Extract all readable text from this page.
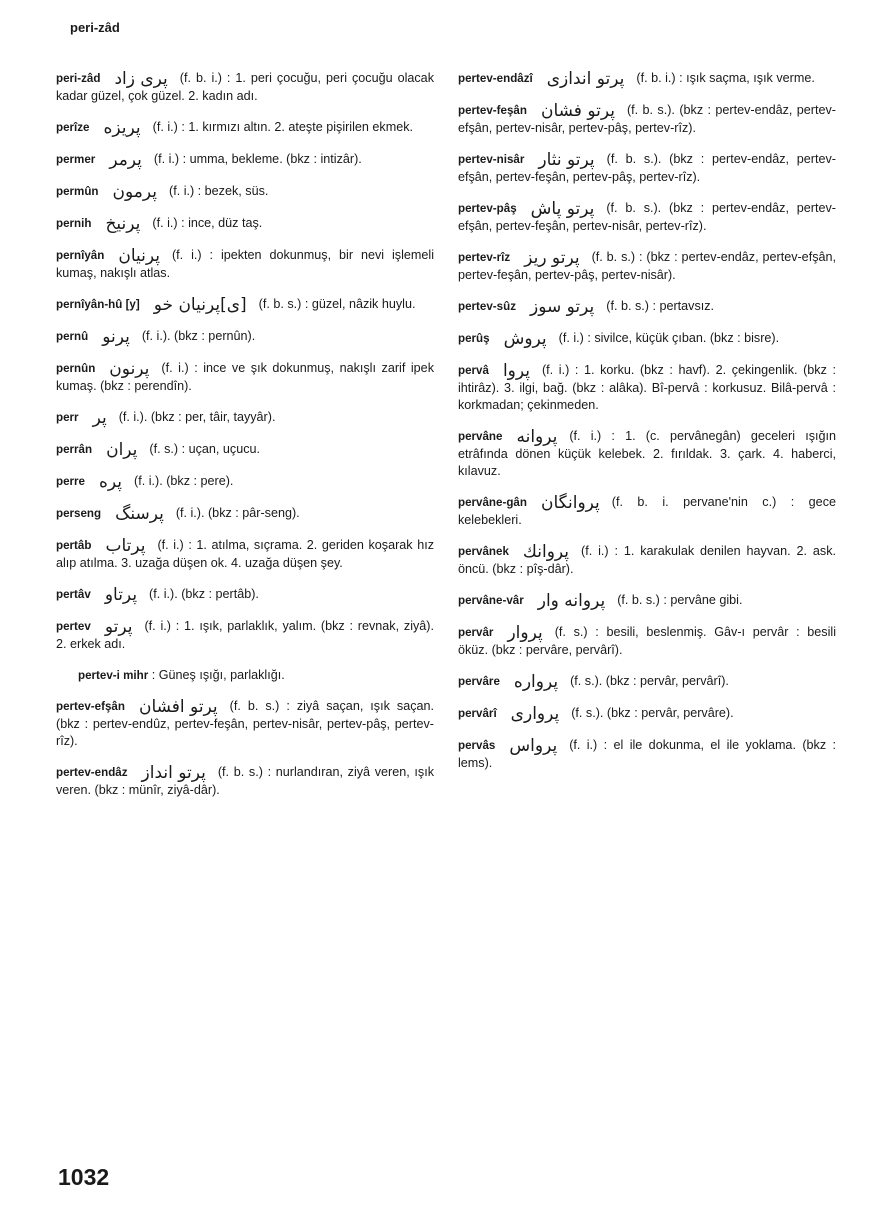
peri-zâd
peri-zâd پری زاد (f. b. i.) : 1. peri çocuğu, peri çocuğu olacak kadar güzel, çok güzel. 2. kadın adı.
perîze پریزه (f. i.) : 1. kırmızı altın. 2. ateşte pişirilen ekmek.
permer پرمر (f. i.) : umma, bekleme. (bkz : intizâr).
permûn پرمون (f. i.) : bezek, süs.
pernih پرنیخ (f. i.) : ince, düz taş.
pernîyân پرنیان (f. i.) : ipekten dokunmuş, bir nevi işlemeli kumaş, nakışlı atlas.
pernîyân-hû [y] [ی]پرنیان خو (f. b. s.) : güzel, nâzik huylu.
pernû پرنو (f. i.). (bkz : pernûn).
pernûn پرنون (f. i.) : ince ve şık dokunmuş, nakışlı zarif ipek kumaş. (bkz : perendîn).
perr پر (f. i.). (bkz : per, tâir, tayyâr).
perrân پران (f. s.) : uçan, uçucu.
perre پره (f. i.). (bkz : pere).
perseng پرسنگ (f. i.). (bkz : pâr-seng).
pertâb پرتاب (f. i.) : 1. atılma, sıçrama. 2. geriden koşarak hız alıp atılma. 3. uzağa düşen ok. 4. uzağa düşen şey.
pertâv پرتاو (f. i.). (bkz : pertâb).
pertev پرتو (f. i.) : 1. ışık, parlaklık, yalım. (bkz : revnak, ziyâ). 2. erkek adı.
pertev-i mihr : Güneş ışığı, parlaklığı.
pertev-efşân پرتو افشان (f. b. s.) : ziyâ saçan, ışık saçan. (bkz : pertev-endûz, pertev-feşân, pertev-nisâr, pertev-pâş, pertev-rîz).
pertev-endâz پرتو انداز (f. b. s.) : nurlandıran, ziyâ veren, ışık veren. (bkz : münîr, ziyâ-dâr).
pertev-endâzî پرتو اندازی (f. b. i.) : ışık saçma, ışık verme.
pertev-feşân پرتو فشان (f. b. s.). (bkz : pertev-endâz, pertev-efşân, pertev-nisâr, pertev-pâş, pertev-rîz).
pertev-nisâr پرتو نثار (f. b. s.). (bkz : pertev-endâz, pertev-efşân, pertev-feşân, pertev-pâş, pertev-rîz).
pertev-pâş پرتو پاش (f. b. s.). (bkz : pertev-endâz, pertev-efşân, pertev-feşân, pertev-nisâr, pertev-rîz).
pertev-rîz پرتو ریز (f. b. s.) : (bkz : pertev-endâz, pertev-efşân, pertev-feşân, pertev-pâş, pertev-nisâr).
pertev-sûz پرتو سوز (f. b. s.) : pertavsız.
perûş پروش (f. i.) : sivilce, küçük çıban. (bkz : bisre).
pervâ پروا (f. i.) : 1. korku. (bkz : havf). 2. çekingenlik. (bkz : ihtirâz). 3. ilgi, bağ. (bkz : alâka). Bî-pervâ : korkusuz. Bilâ-pervâ : korkmadan; çekinmeden.
pervâne پروانه (f. i.) : 1. (c. pervânegân) geceleri ışığın etrâfında dönen küçük kelebek. 2. fırıldak. 3. çark. 4. haberci, kılavuz.
pervâne-gân پروانگان (f. b. i. pervane'nin c.) : gece kelebekleri.
pervânek پروانك (f. i.) : 1. karakulak denilen hayvan. 2. ask. öncü. (bkz : pîş-dâr).
pervâne-vâr پروانه وار (f. b. s.) : pervâne gibi.
pervâr پروار (f. s.) : besili, beslenmiş. Gâv-ı pervâr : besili öküz. (bkz : pervâre, pervârî).
pervâre پرواره (f. s.). (bkz : pervâr, pervârî).
pervârî پرواری (f. s.). (bkz : pervâr, pervâre).
pervâs پرواس (f. i.) : el ile dokunma, el ile yoklama. (bkz : lems).
1032
